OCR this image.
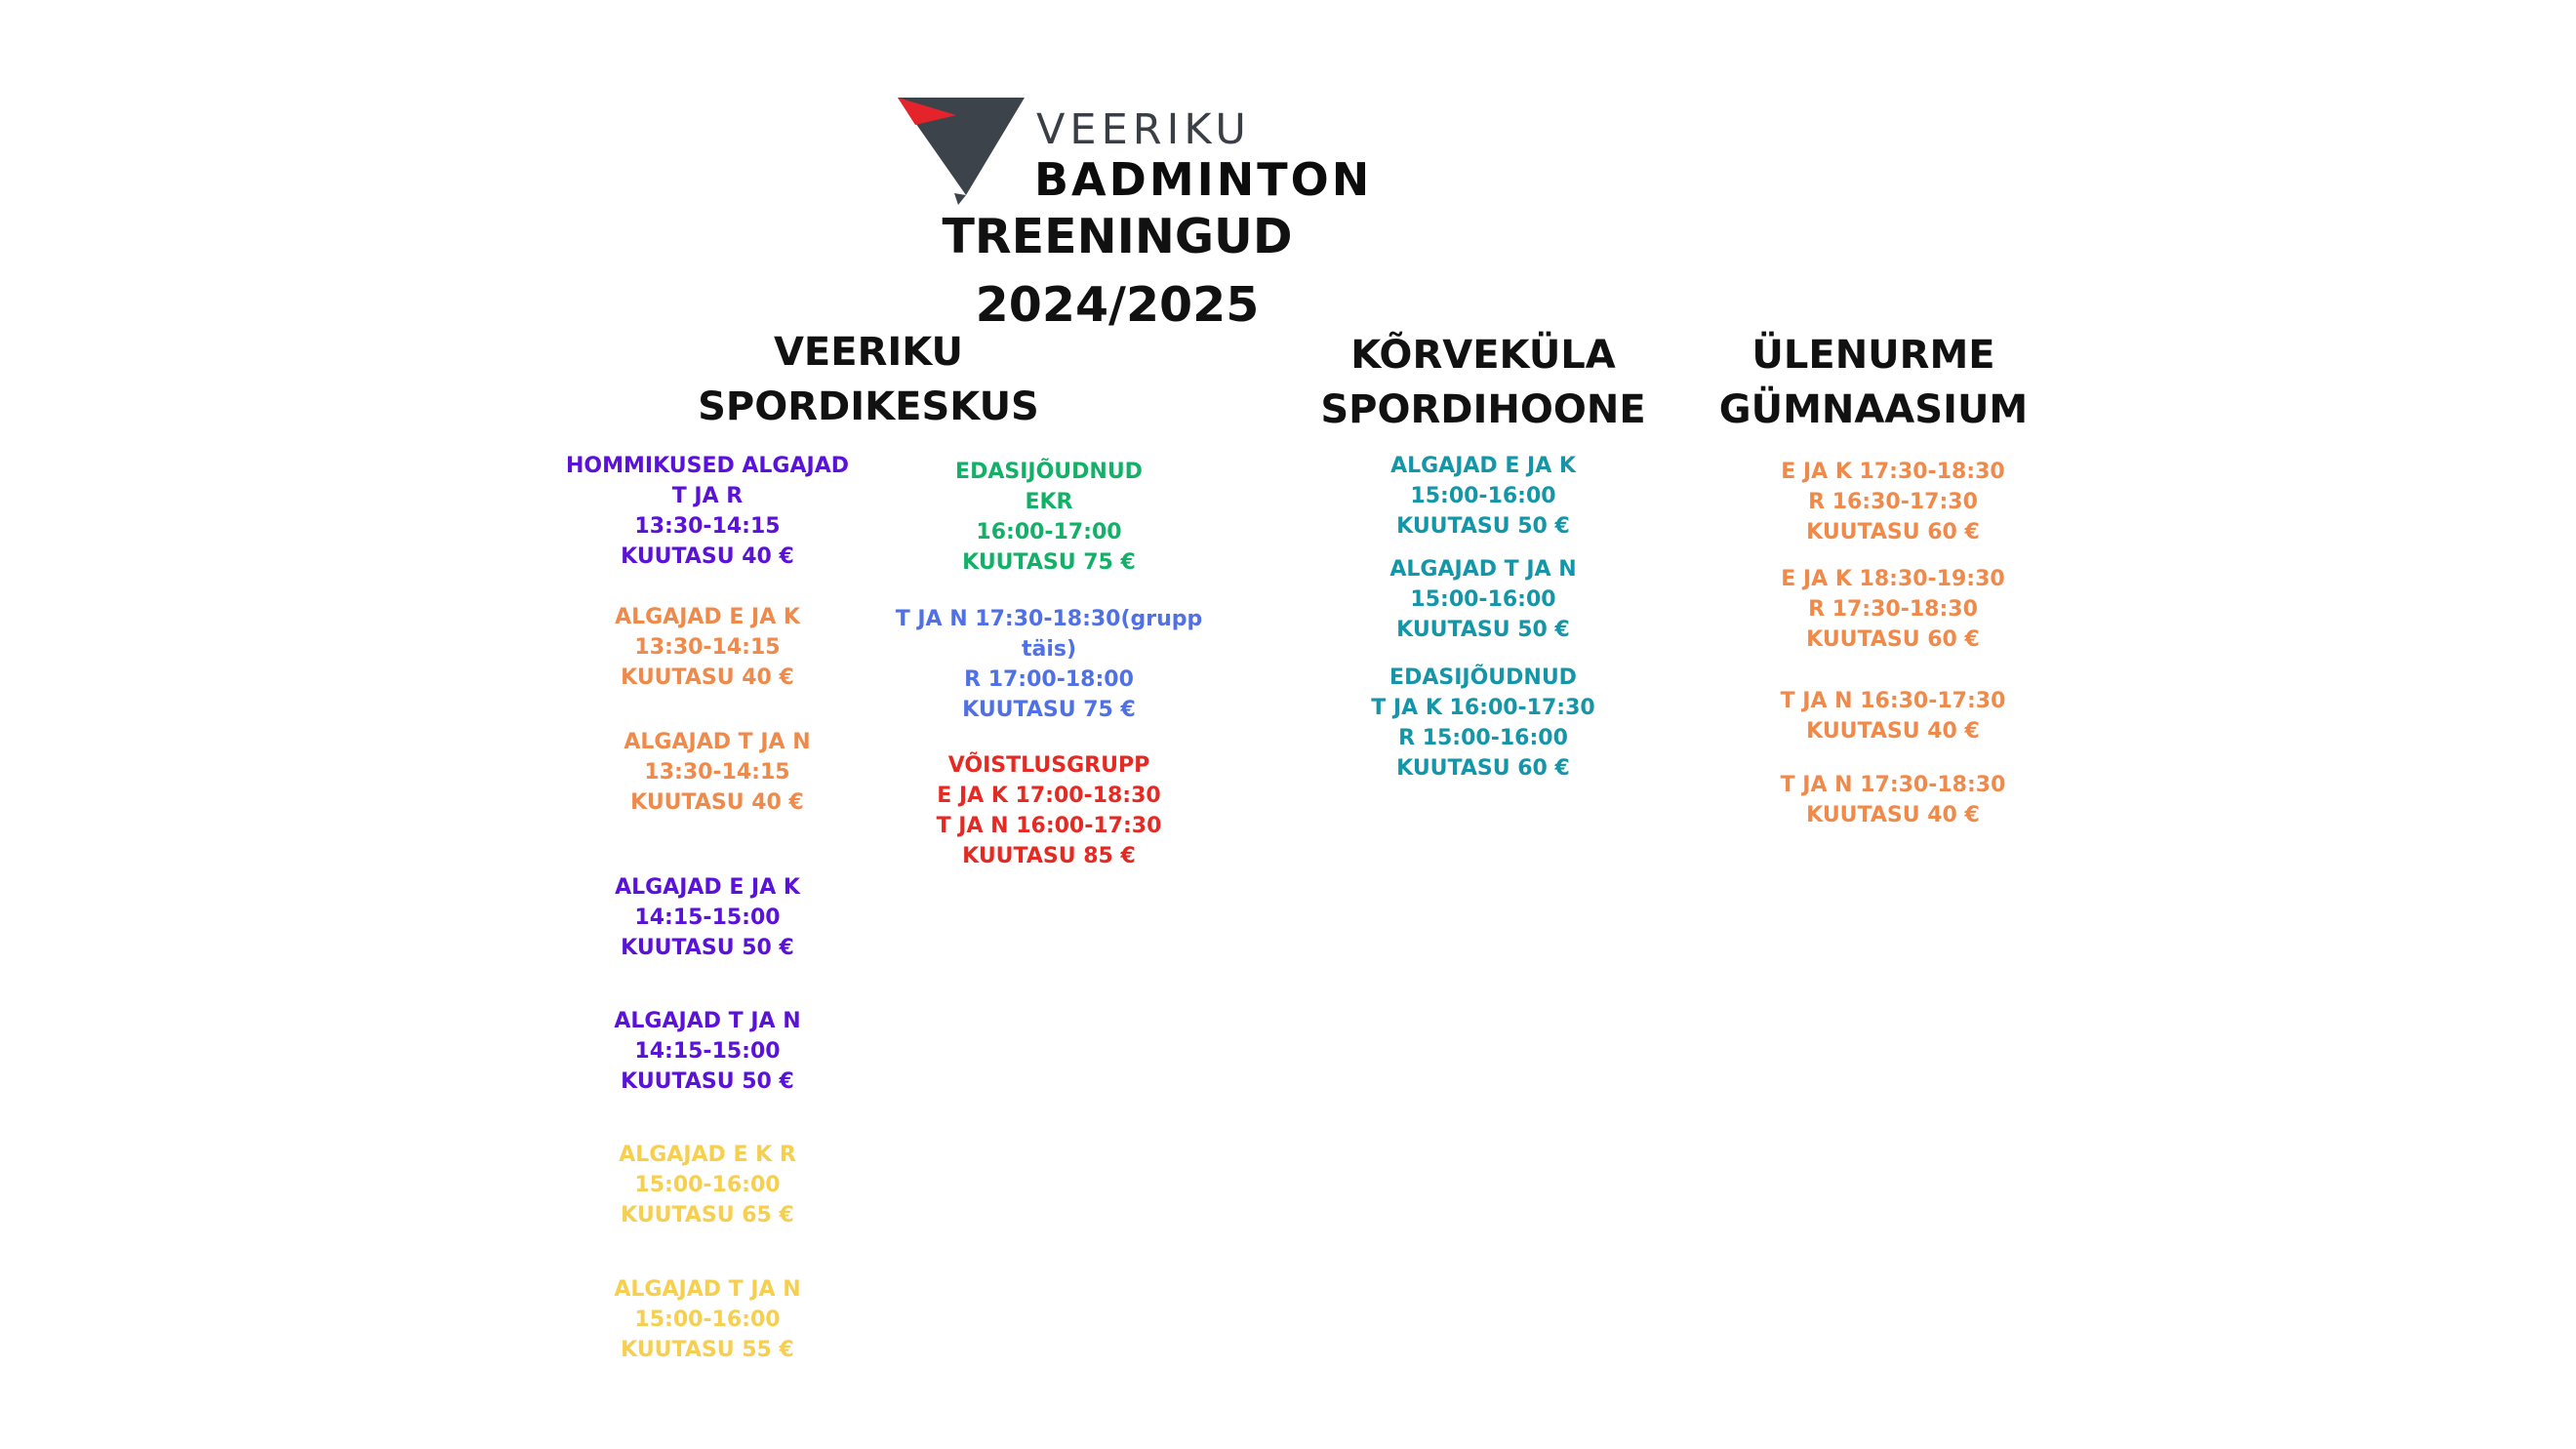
VEERIKU
BADMINTON
TREENINGUD
2024/2025
VEERIKU
SPORDIKESKUS
KÕRVEKÜLA
SPORDIHOONE
ÜLENURME
GÜMNAASIUM
HOMMIKUSED ALGAJAD
T JA R
13:30-14:15
KUUTASU 40 €
ALGAJAD E JA K
13:30-14:15
KUUTASU 40 €
ALGAJAD T JA N
13:30-14:15
KUUTASU 40 €
ALGAJAD E JA K
14:15-15:00
KUUTASU 50 €
ALGAJAD T JA N
14:15-15:00
KUUTASU 50 €
ALGAJAD E K R
15:00-16:00
KUUTASU 65 €
ALGAJAD T JA N
15:00-16:00
KUUTASU 55 €
EDASIJÕUDNUD
EKR
16:00-17:00
KUUTASU 75 €
T JA N 17:30-18:30(grupp
täis)
R 17:00-18:00
KUUTASU 75 €
VÕISTLUSGRUPP
E JA K 17:00-18:30
T JA N 16:00-17:30
KUUTASU 85 €
ALGAJAD E JA K
15:00-16:00
KUUTASU 50 €
ALGAJAD T JA N
15:00-16:00
KUUTASU 50 €
EDASIJÕUDNUD
T JA K 16:00-17:30
R 15:00-16:00
KUUTASU 60 €
E JA K 17:30-18:30
R 16:30-17:30
KUUTASU 60 €
E JA K 18:30-19:30
R 17:30-18:30
KUUTASU 60 €
T JA N 16:30-17:30
KUUTASU 40 €
T JA N 17:30-18:30
KUUTASU 40 €
